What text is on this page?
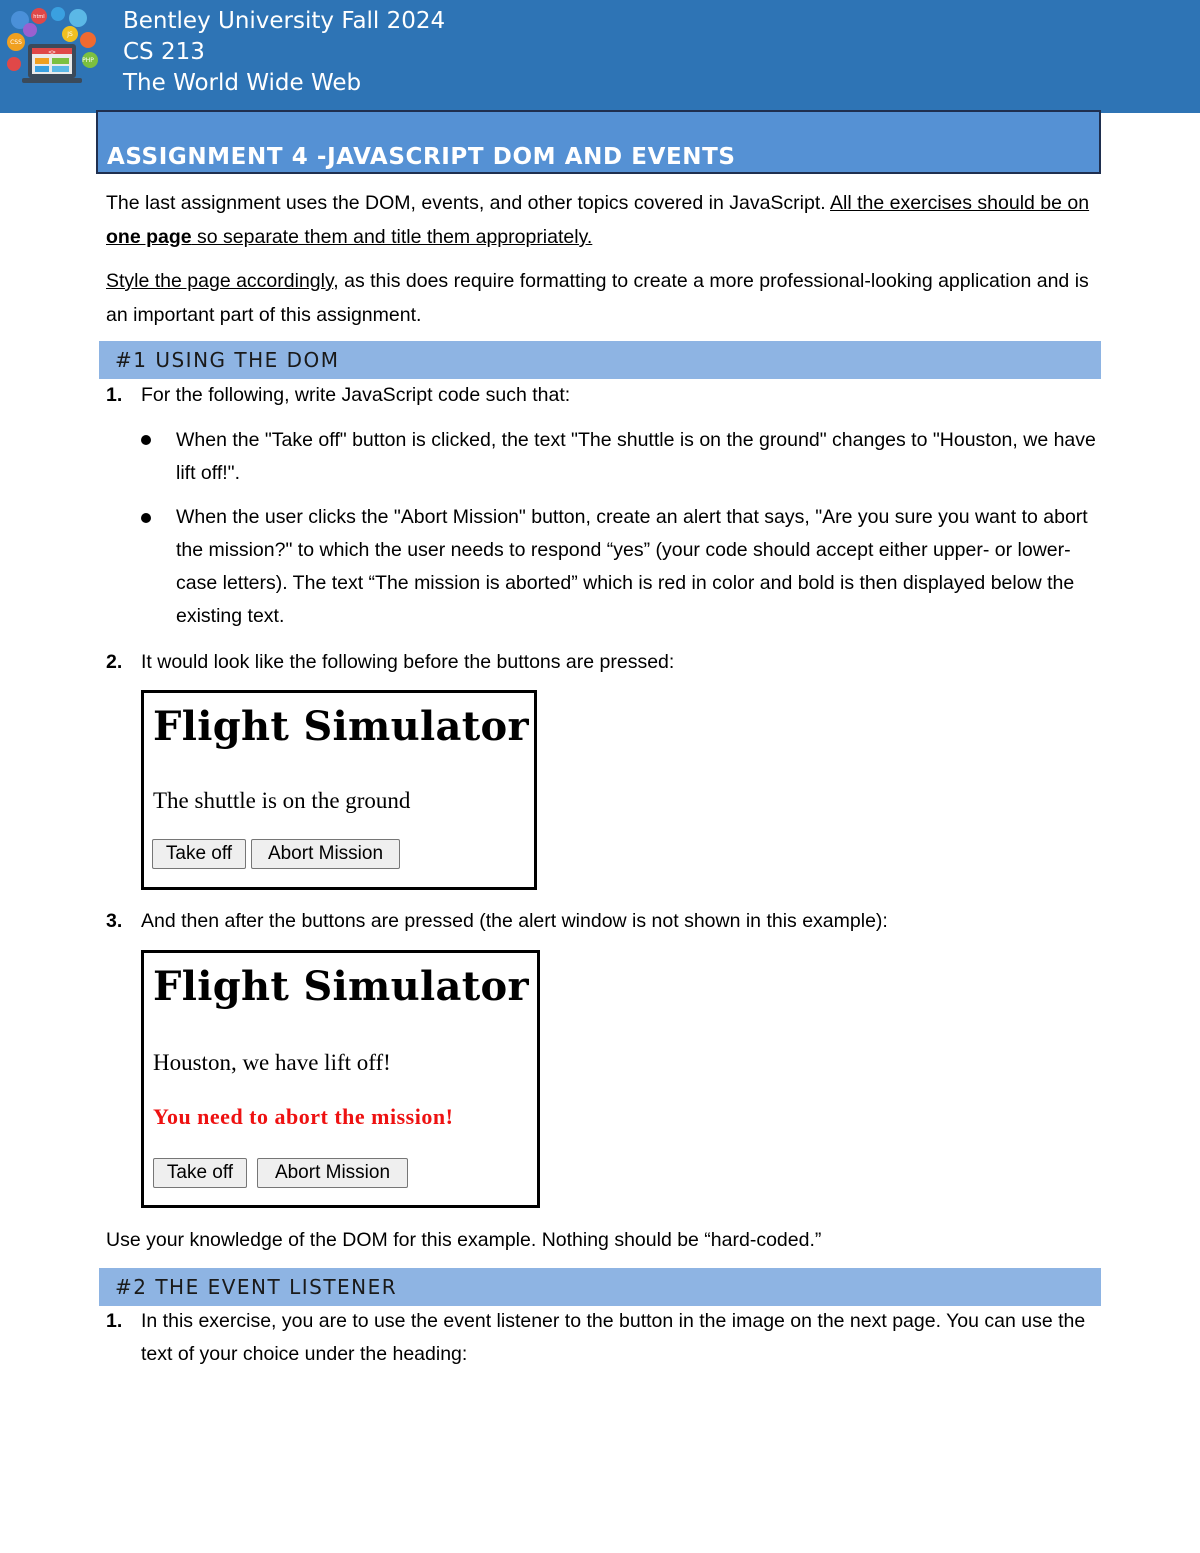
<>
PHP
CSS
JS
html	Bentley University Fall 2024
CS 213
The World Wide Web
ASSIGNMENT 4 -JAVASCRIPT DOM AND EVENTS
The last assignment uses the DOM, events, and other topics covered in JavaScript. All the exercises should be on one page so separate them and title them appropriately.
Style the page accordingly, as this does require formatting to create a more professional-looking application and is an important part of this assignment.
#1 USING THE DOM
1. For the following, write JavaScript code such that:
When the "Take off" button is clicked, the text "The shuttle is on the ground" changes to "Houston, we have lift off!".
When the user clicks the "Abort Mission" button, create an alert that says, "Are you sure you want to abort the mission?" to which the user needs to respond “yes” (your code should accept either upper- or lower-case letters). The text “The mission is aborted” which is red in color and bold is then displayed below the existing text.
2. It would look like the following before the buttons are pressed:
Flight Simulator
The shuttle is on the ground
Take off	Abort Mission
3. And then after the buttons are pressed (the alert window is not shown in this example):
Flight Simulator
Houston, we have lift off!
You need to abort the mission!
Take off	Abort Mission
Use your knowledge of the DOM for this example. Nothing should be “hard-coded.”
#2 THE EVENT LISTENER
1. In this exercise, you are to use the event listener to the button in the image on the next page. You can use the text of your choice under the heading:
